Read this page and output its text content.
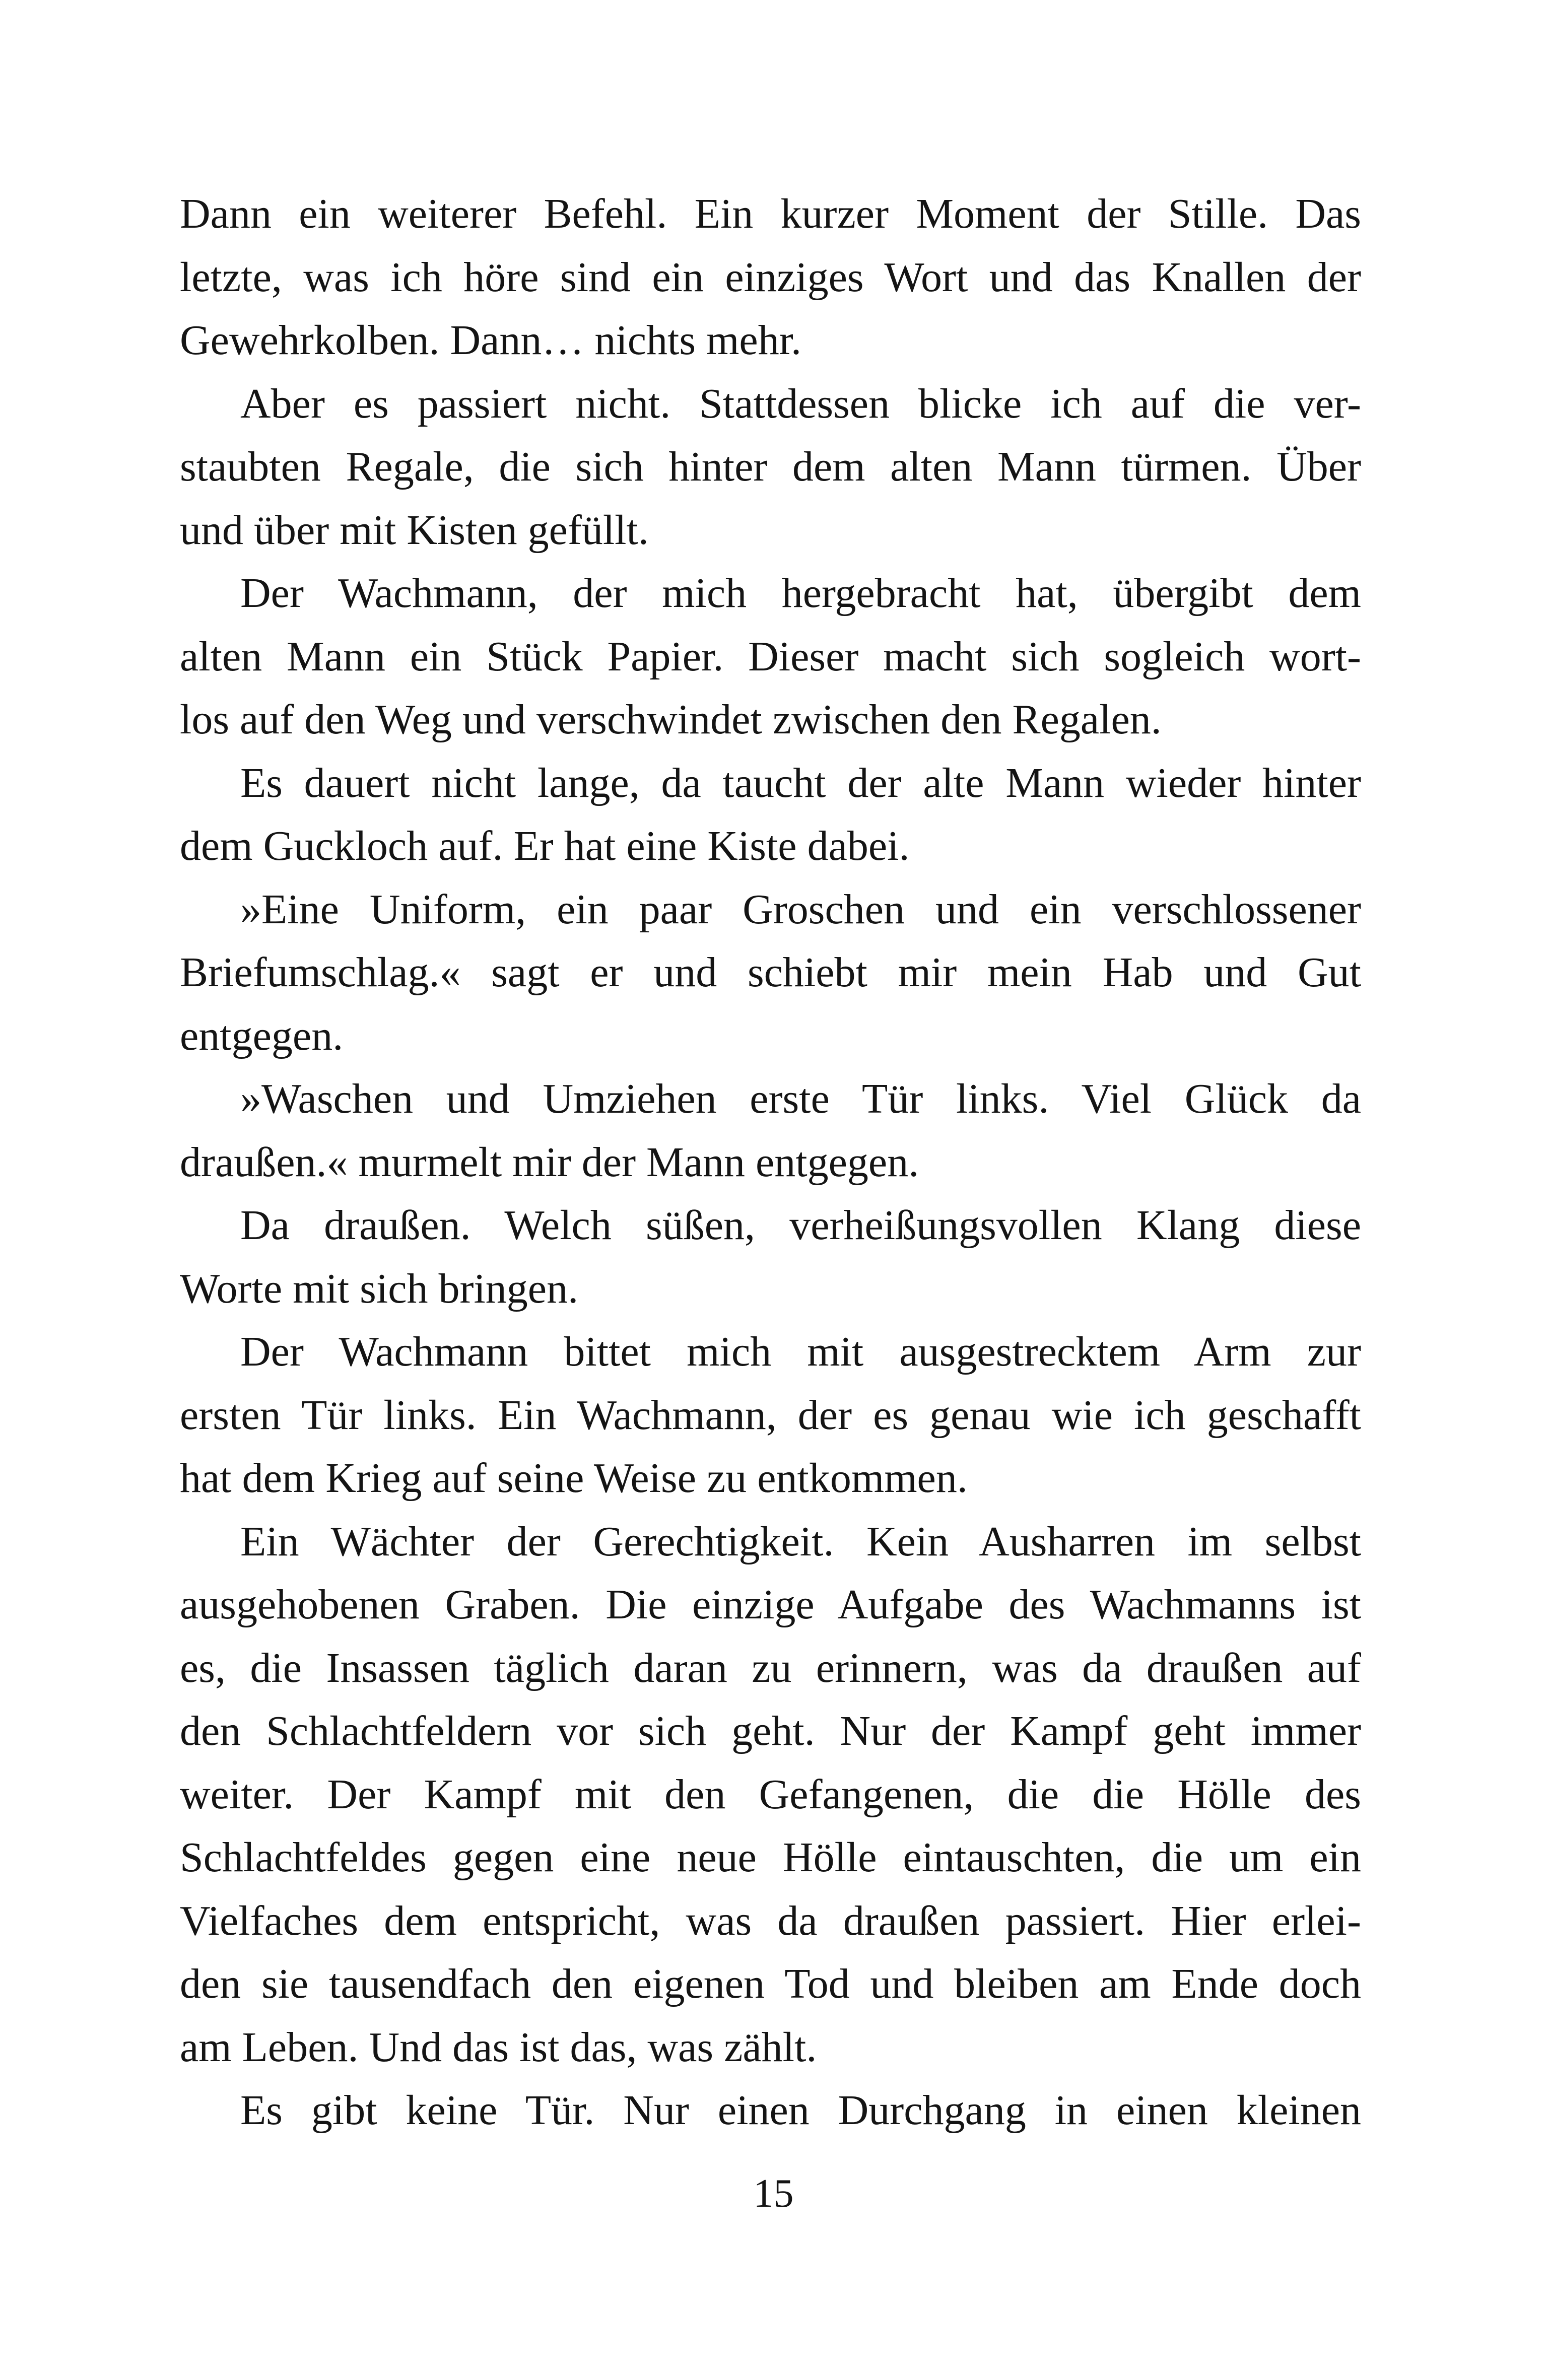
Dann ein weiterer Befehl. Ein kurzer Moment der Stille. Das
letzte, was ich höre sind ein einziges Wort und das Knallen der
Gewehrkolben. Dann… nichts mehr.
Aber es passiert nicht. Stattdessen blicke ich auf die ver-
staubten Regale, die sich hinter dem alten Mann türmen. Über
und über mit Kisten gefüllt.
Der Wachmann, der mich hergebracht hat, übergibt dem
alten Mann ein Stück Papier. Dieser macht sich sogleich wort-
los auf den Weg und verschwindet zwischen den Regalen.
Es dauert nicht lange, da taucht der alte Mann wieder hinter
dem Guckloch auf. Er hat eine Kiste dabei.
»Eine Uniform, ein paar Groschen und ein verschlossener
Briefumschlag.« sagt er und schiebt mir mein Hab und Gut
entgegen.
»Waschen und Umziehen erste Tür links. Viel Glück da
draußen.« murmelt mir der Mann entgegen.
Da draußen. Welch süßen, verheißungsvollen Klang diese
Worte mit sich bringen.
Der Wachmann bittet mich mit ausgestrecktem Arm zur
ersten Tür links. Ein Wachmann, der es genau wie ich geschafft
hat dem Krieg auf seine Weise zu entkommen.
Ein Wächter der Gerechtigkeit. Kein Ausharren im selbst
ausgehobenen Graben. Die einzige Aufgabe des Wachmanns ist
es, die Insassen täglich daran zu erinnern, was da draußen auf
den Schlachtfeldern vor sich geht. Nur der Kampf geht immer
weiter. Der Kampf mit den Gefangenen, die die Hölle des
Schlachtfeldes gegen eine neue Hölle eintauschten, die um ein
Vielfaches dem entspricht, was da draußen passiert. Hier erlei-
den sie tausendfach den eigenen Tod und bleiben am Ende doch
am Leben. Und das ist das, was zählt.
Es gibt keine Tür. Nur einen Durchgang in einen kleinen
15
